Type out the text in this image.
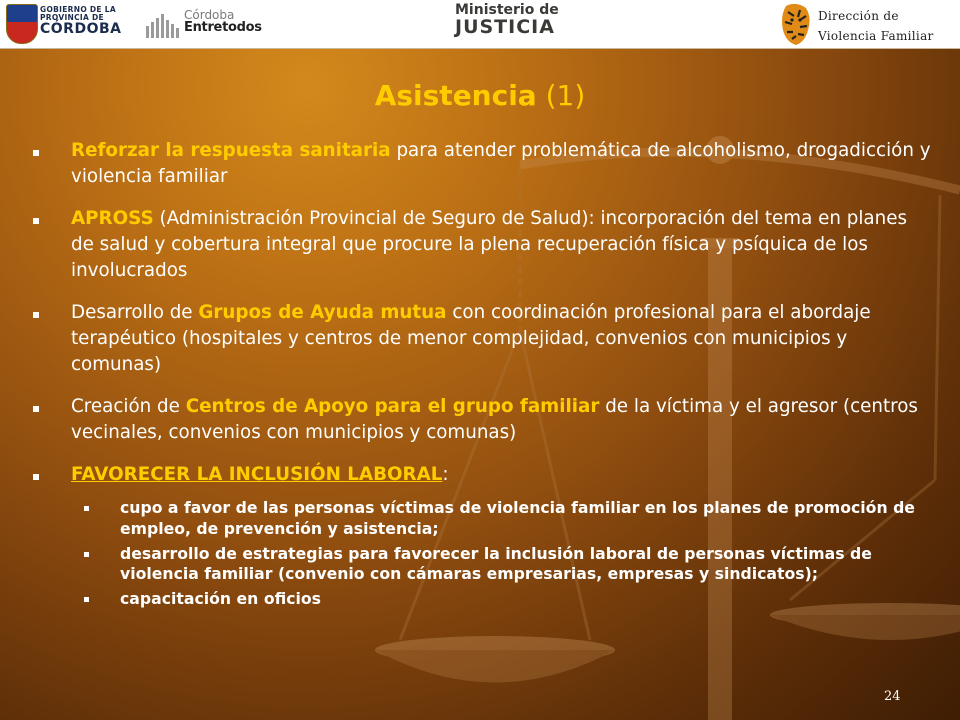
GOBIERNO DE LA
PROVINCIA DE
CÓRDOBA
Córdoba
Entretodos
Ministerio de
JUSTICIA	Dirección de
Violencia Familiar
Asistencia (1)
Reforzar la respuesta sanitaria para atender problemática de alcoholismo, drogadicción y violencia familiar
APROSS (Administración Provincial de Seguro de Salud): incorporación del tema en planes de salud y cobertura integral que procure la plena recuperación física y psíquica de los involucrados
Desarrollo de Grupos de Ayuda mutua con coordinación profesional para el abordaje terapéutico (hospitales y centros de menor complejidad, convenios con municipios y comunas)
Creación de Centros de Apoyo para el grupo familiar de la víctima y el agresor (centros vecinales, convenios con municipios y comunas)
FAVORECER LA INCLUSIÓN LABORAL:
cupo a favor de las personas víctimas de violencia familiar en los planes de promoción de empleo, de prevención y asistencia;
desarrollo de estrategias para favorecer la inclusión laboral de personas víctimas de violencia familiar (convenio con cámaras empresarias, empresas y sindicatos);
capacitación en oficios
24
